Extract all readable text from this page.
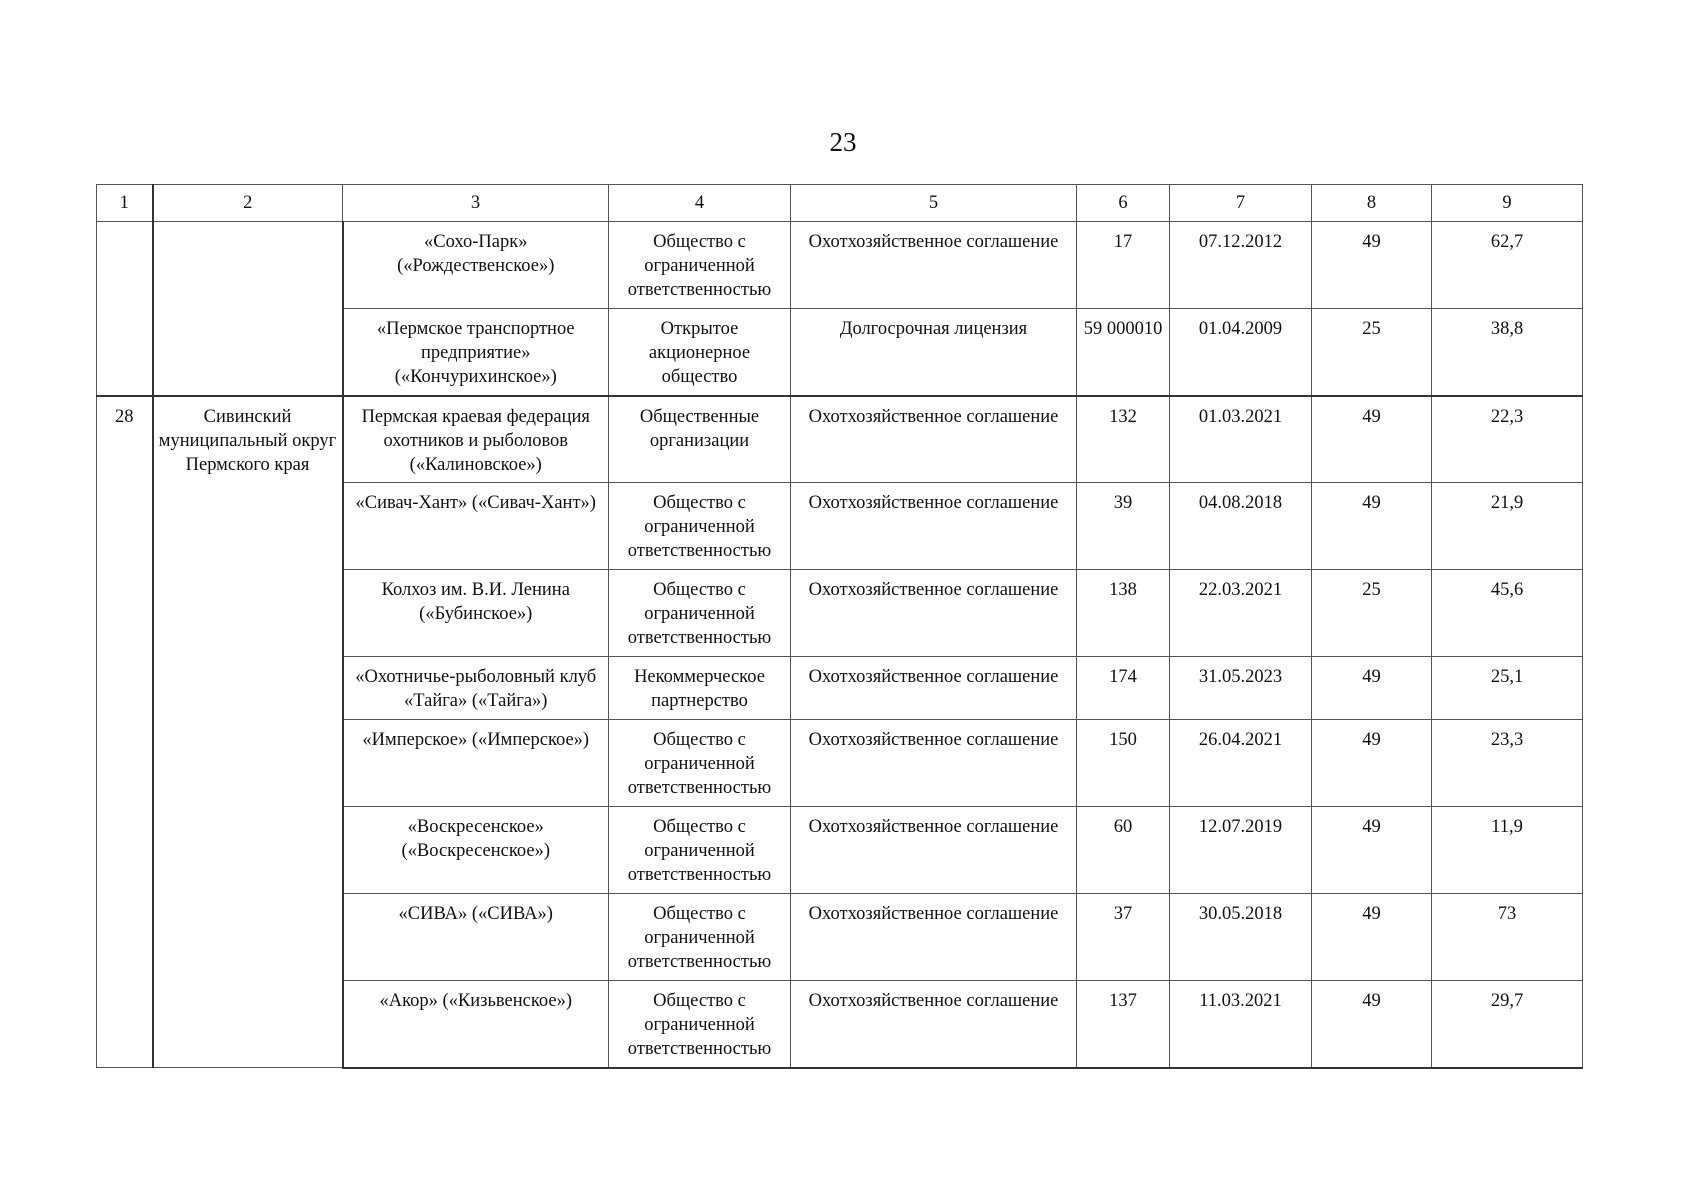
23
1	2	3	4	5	6	7	8	9
		«Сохо-Парк» («Рождественское»)	Общество с ограниченной ответственностью	Охотхозяйственное соглашение	17	07.12.2012	49	62,7
		«Пермское транспортное предприятие» («Кончурихинское»)	Открытое акционерное общество	Долгосрочная лицензия	59 000010	01.04.2009	25	38,8
28	Сивинский муниципальный округ Пермского края	Пермская краевая федерация охотников и рыболовов («Калиновское»)	Общественные организации	Охотхозяйственное соглашение	132	01.03.2021	49	22,3
		«Сивач-Хант» («Сивач-Хант»)	Общество с ограниченной ответственностью	Охотхозяйственное соглашение	39	04.08.2018	49	21,9
		Колхоз им. В.И. Ленина («Бубинское»)	Общество с ограниченной ответственностью	Охотхозяйственное соглашение	138	22.03.2021	25	45,6
		«Охотничье-рыболовный клуб «Тайга» («Тайга»)	Некоммерческое партнерство	Охотхозяйственное соглашение	174	31.05.2023	49	25,1
		«Имперское» («Имперское»)	Общество с ограниченной ответственностью	Охотхозяйственное соглашение	150	26.04.2021	49	23,3
		«Воскресенское» («Воскресенское»)	Общество с ограниченной ответственностью	Охотхозяйственное соглашение	60	12.07.2019	49	11,9
		«СИВА» («СИВА»)	Общество с ограниченной ответственностью	Охотхозяйственное соглашение	37	30.05.2018	49	73
		«Акор» («Кизьвенское»)	Общество с ограниченной ответственностью	Охотхозяйственное соглашение	137	11.03.2021	49	29,7
